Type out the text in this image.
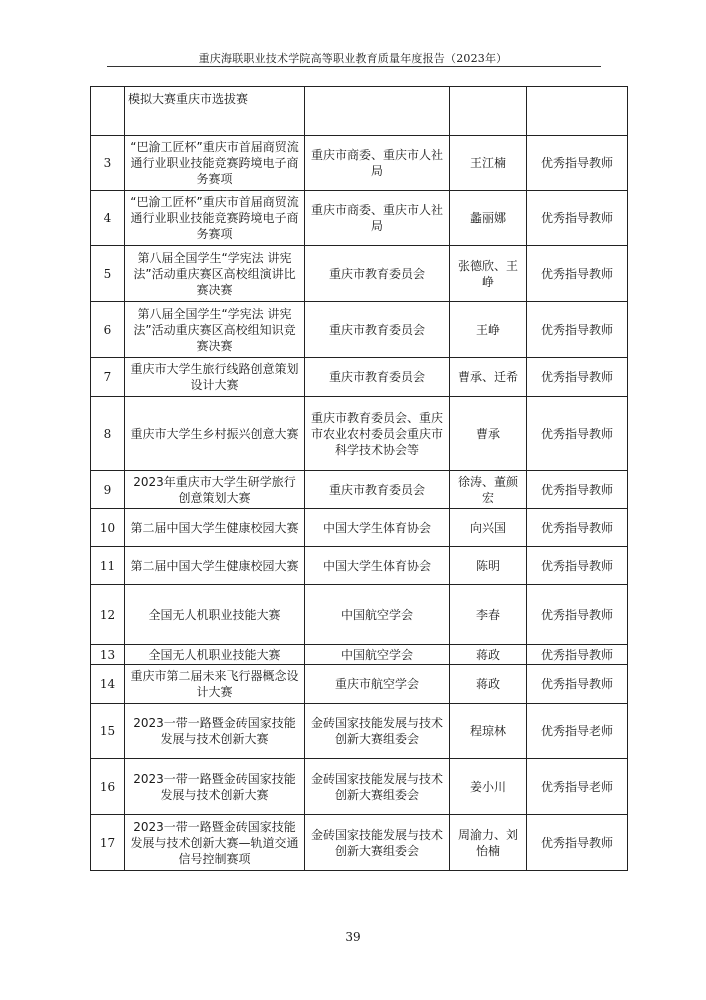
重庆海联职业技术学院高等职业教育质量年度报告（2023年）
	模拟大赛重庆市选拔赛			
3	“巴渝工匠杯”重庆市首届商贸流通行业职业技能竞赛跨境电子商务赛项	重庆市商委、重庆市人社局	王江楠	优秀指导教师
4	“巴渝工匠杯”重庆市首届商贸流通行业职业技能竞赛跨境电子商务赛项	重庆市商委、重庆市人社局	蠡丽娜	优秀指导教师
5	第八届全国学生“学宪法 讲宪法”活动重庆赛区高校组演讲比赛决赛	重庆市教育委员会	张德欣、王峥	优秀指导教师
6	第八届全国学生“学宪法 讲宪法”活动重庆赛区高校组知识竞赛决赛	重庆市教育委员会	王峥	优秀指导教师
7	重庆市大学生旅行线路创意策划设计大赛	重庆市教育委员会	曹承、迁希	优秀指导教师
8	重庆市大学生乡村振兴创意大赛	重庆市教育委员会、重庆市农业农村委员会重庆市科学技术协会等	曹承	优秀指导教师
9	2023年重庆市大学生研学旅行创意策划大赛	重庆市教育委员会	徐涛、董颜宏	优秀指导教师
10	第二届中国大学生健康校园大赛	中国大学生体育协会	向兴国	优秀指导教师
11	第二届中国大学生健康校园大赛	中国大学生体育协会	陈明	优秀指导教师
12	全国无人机职业技能大赛	中国航空学会	李春	优秀指导教师
13	全国无人机职业技能大赛	中国航空学会	蒋政	优秀指导教师
14	重庆市第二届未来飞行器概念设计大赛	重庆市航空学会	蒋政	优秀指导教师
15	2023一带一路暨金砖国家技能发展与技术创新大赛	金砖国家技能发展与技术创新大赛组委会	程琼林	优秀指导老师
16	2023一带一路暨金砖国家技能发展与技术创新大赛	金砖国家技能发展与技术创新大赛组委会	姜小川	优秀指导老师
17	2023一带一路暨金砖国家技能发展与技术创新大赛—轨道交通信号控制赛项	金砖国家技能发展与技术创新大赛组委会	周渝力、刘怡楠	优秀指导教师
39
